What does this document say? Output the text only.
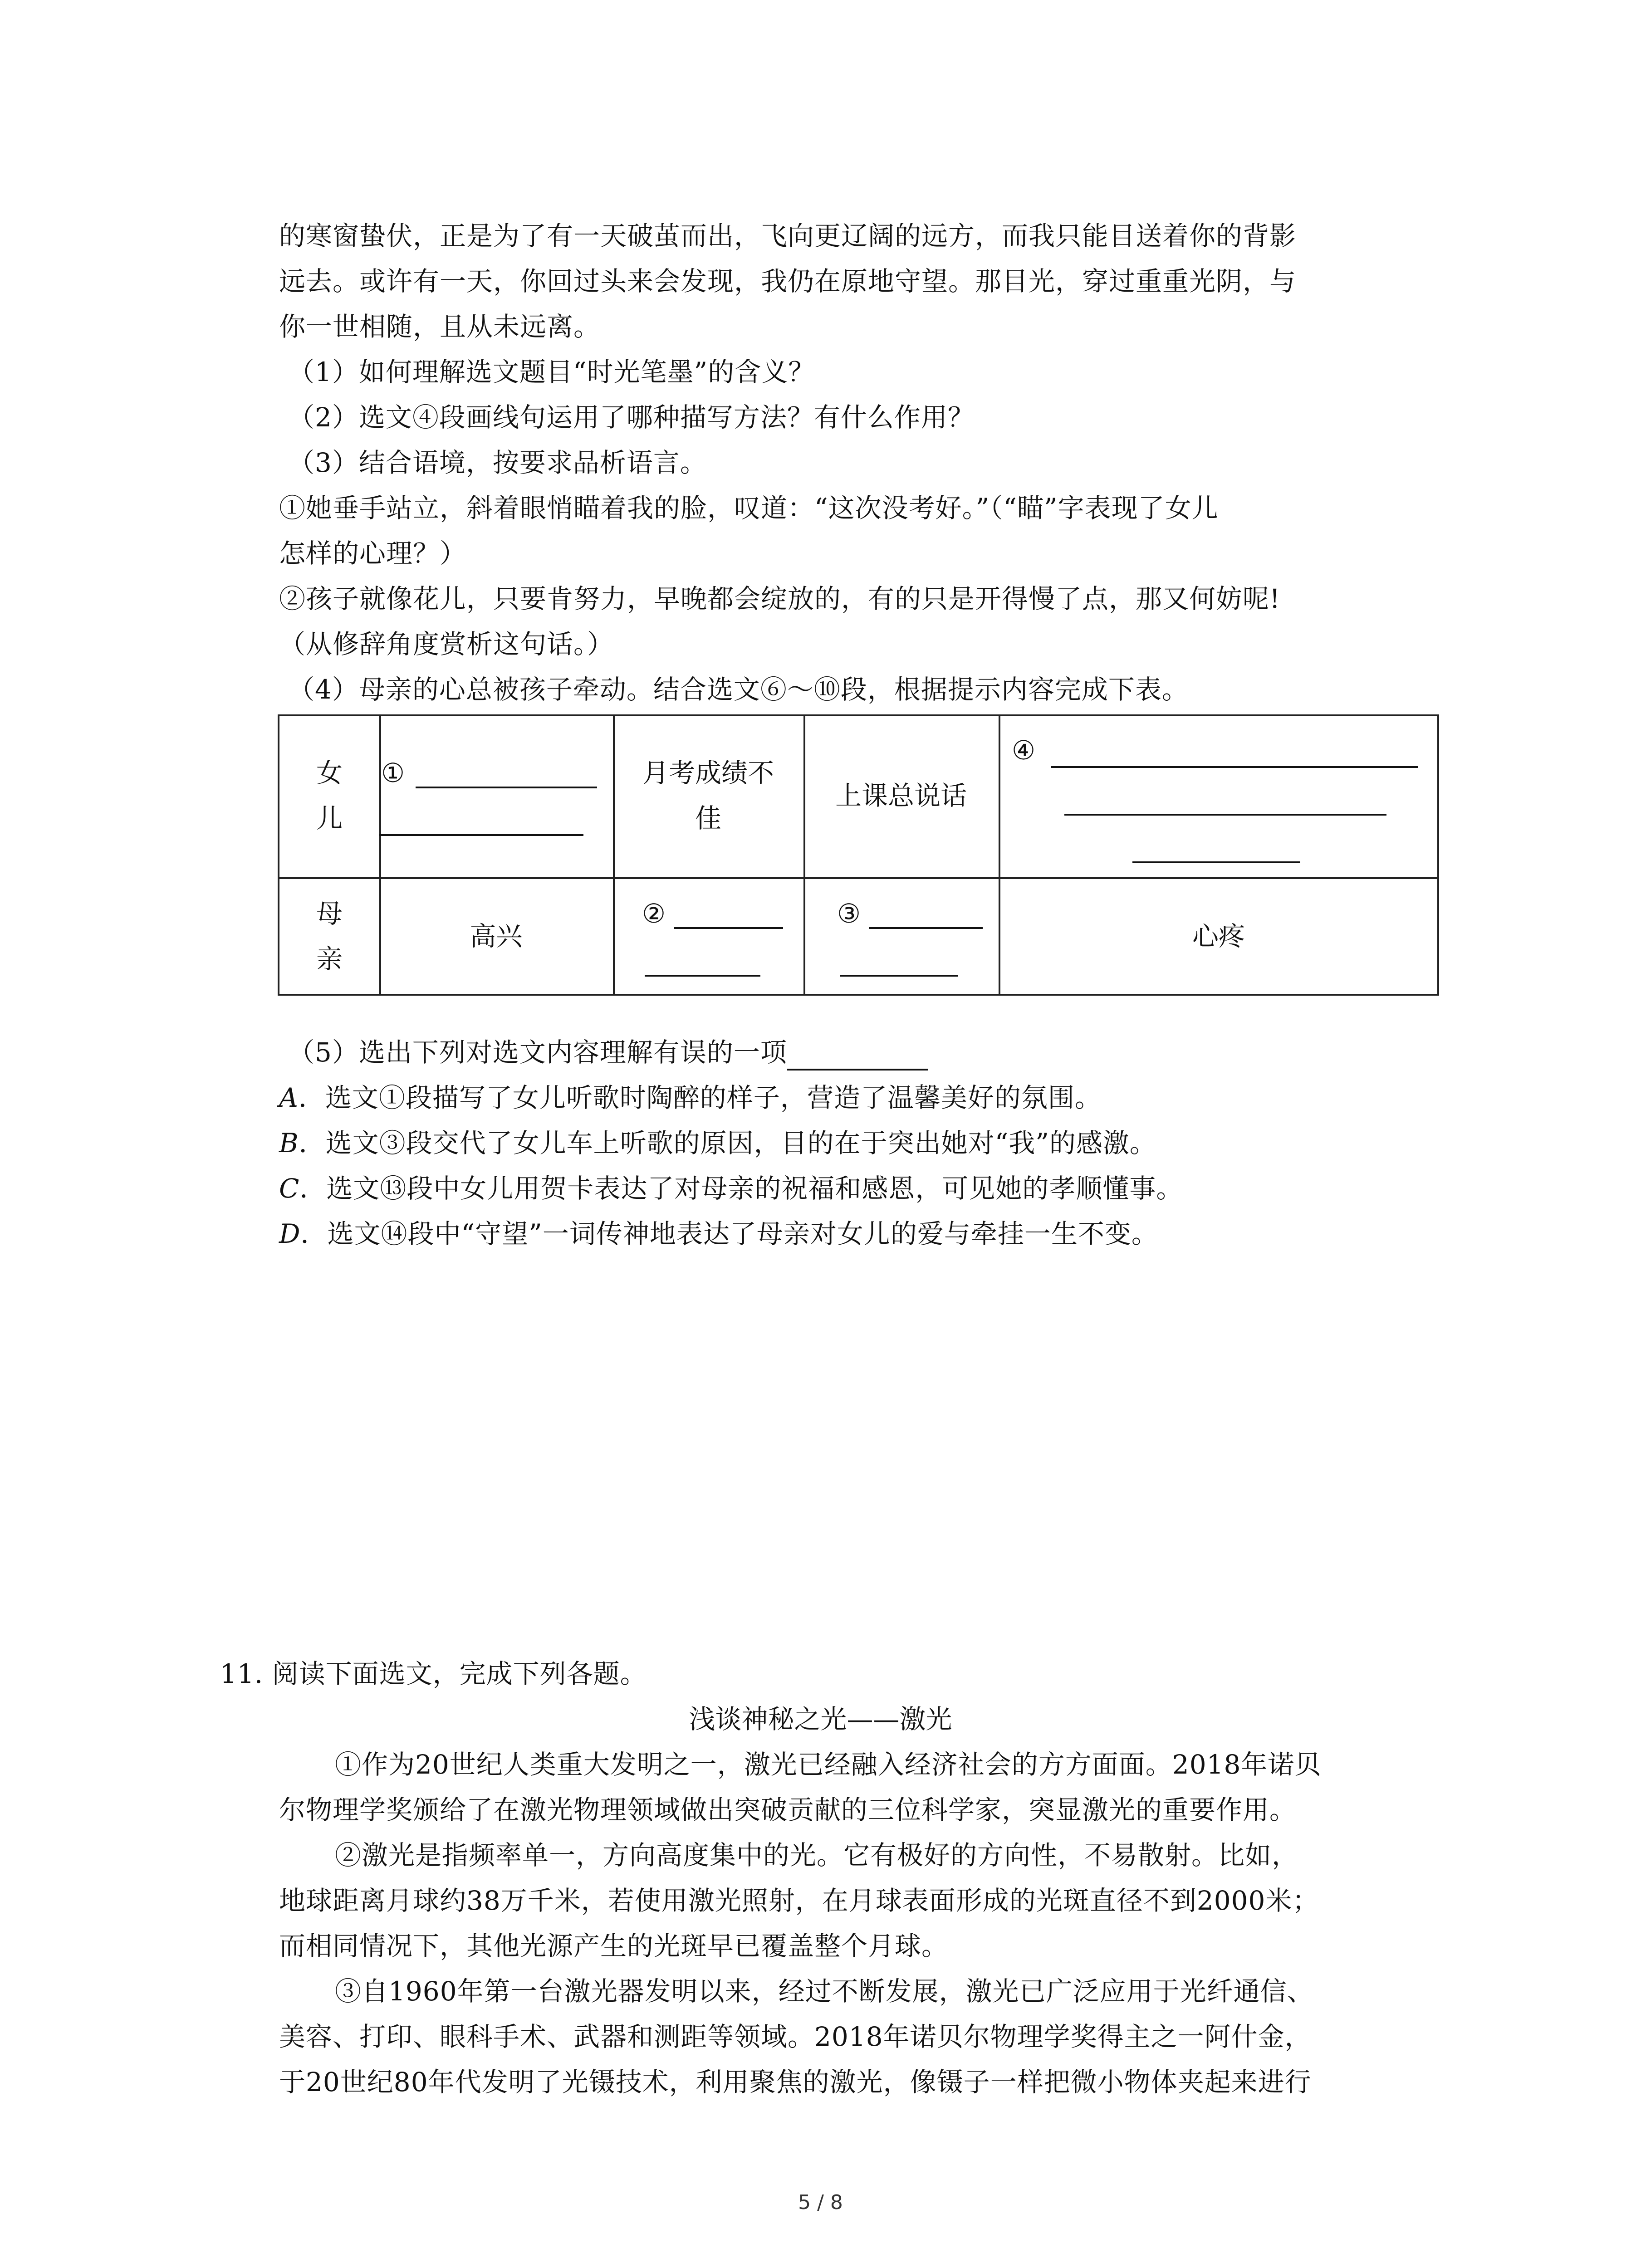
的寒窗蛰伏，正是为了有一天破茧而出，飞向更辽阔的远方，而我只能目送着你的背影
远去。或许有一天，你回过头来会发现，我仍在原地守望。那目光，穿过重重光阴，与
你一世相随，且从未远离。
（1）如何理解选文题目“时光笔墨”的含义？
（2）选文④段画线句运用了哪种描写方法？有什么作用？
（3）结合语境，按要求品析语言。
①她垂手站立，斜着眼悄瞄着我的脸，叹道：“这次没考好。”（“瞄”字表现了女儿
怎样的心理？）
②孩子就像花儿，只要肯努力，早晚都会绽放的，有的只是开得慢了点，那又何妨呢!
（从修辞角度赏析这句话。）
（4）母亲的心总被孩子牵动。结合选文⑥～⑩段，根据提示内容完成下表。
女
儿
①	月考成绩不
佳
上课总说话
④
母
亲
高兴
②	③
心疼
（5）选出下列对选文内容理解有误的一项
A．选文①段描写了女儿听歌时陶醉的样子，营造了温馨美好的氛围。
B．选文③段交代了女儿车上听歌的原因，目的在于突出她对“我”的感激。
C．选文⑬段中女儿用贺卡表达了对母亲的祝福和感恩，可见她的孝顺懂事。
D．选文⑭段中“守望”一词传神地表达了母亲对女儿的爱与牵挂一生不变。
11. 阅读下面选文，完成下列各题。
浅谈神秘之光——激光
①作为20世纪人类重大发明之一，激光已经融入经济社会的方方面面。2018年诺贝
尔物理学奖颁给了在激光物理领域做出突破贡献的三位科学家，突显激光的重要作用。
②激光是指频率单一，方向高度集中的光。它有极好的方向性，不易散射。比如，
地球距离月球约38万千米，若使用激光照射，在月球表面形成的光斑直径不到2000米；
而相同情况下，其他光源产生的光斑早已覆盖整个月球。
③自1960年第一台激光器发明以来，经过不断发展，激光已广泛应用于光纤通信、
美容、打印、眼科手术、武器和测距等领域。2018年诺贝尔物理学奖得主之一阿什金，
于20世纪80年代发明了光镊技术，利用聚焦的激光，像镊子一样把微小物体夹起来进行
5 / 8
